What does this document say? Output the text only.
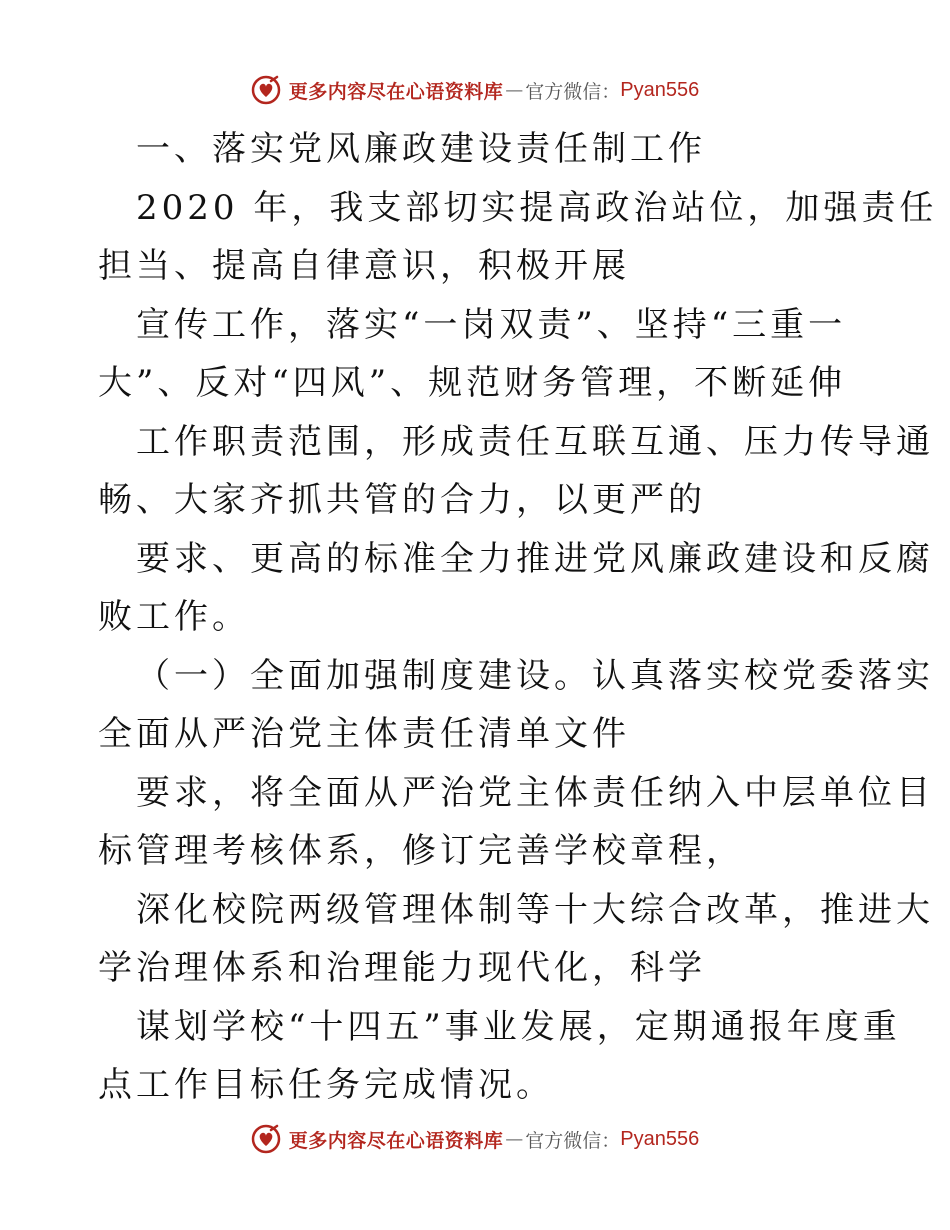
更多内容尽在心语资料库 — 官方微信： Pyan556
一、落实党风廉政建设责任制工作
2020 年，我支部切实提高政治站位，加强责任
担当、提高自律意识，积极开展
宣传工作，落实“一岗双责”、坚持“三重一
大”、反对“四风”、规范财务管理，不断延伸
工作职责范围，形成责任互联互通、压力传导通
畅、大家齐抓共管的合力，以更严的
要求、更高的标准全力推进党风廉政建设和反腐
败工作。
（一）全面加强制度建设。认真落实校党委落实
全面从严治党主体责任清单文件
要求，将全面从严治党主体责任纳入中层单位目
标管理考核体系，修订完善学校章程，
深化校院两级管理体制等十大综合改革，推进大
学治理体系和治理能力现代化，科学
谋划学校“十四五”事业发展，定期通报年度重
点工作目标任务完成情况。
更多内容尽在心语资料库 — 官方微信： Pyan556
